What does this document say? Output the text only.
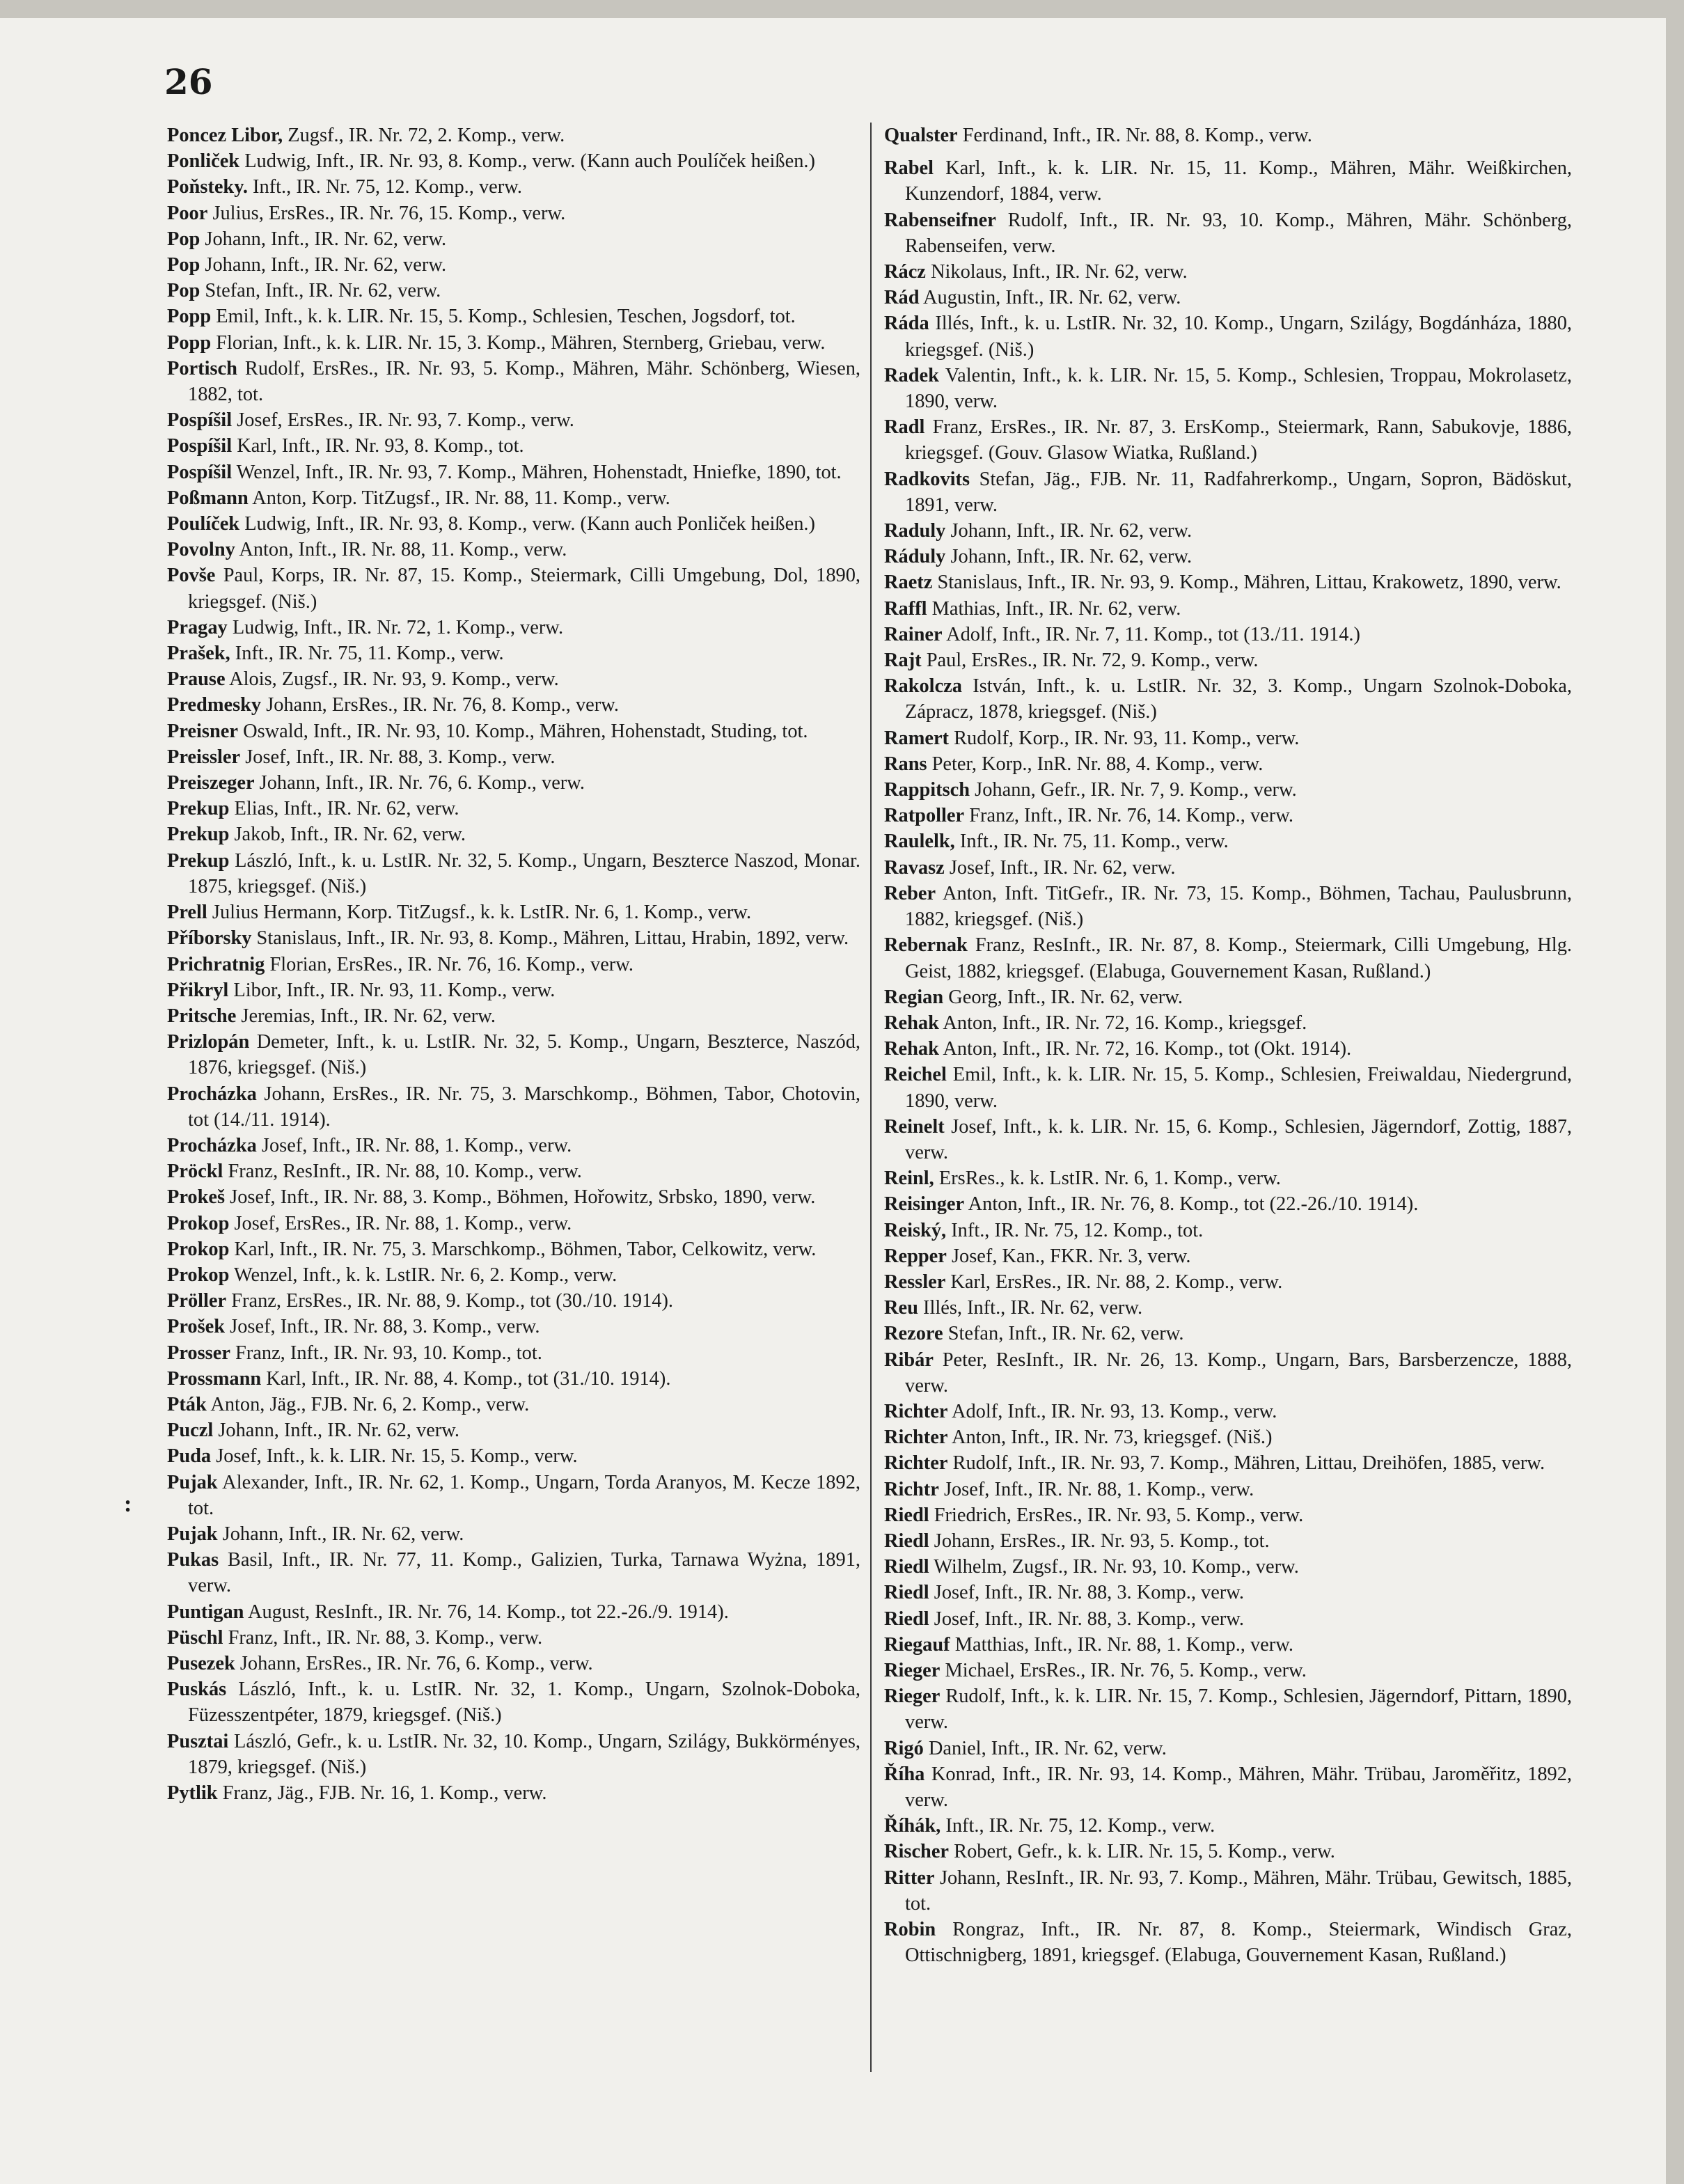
26

Poncez Libor, Zugsf., IR. Nr. 72, 2. Komp., verw.

Ponliček Ludwig, Inft., IR. Nr. 93, 8. Komp., verw. (Kann auch Poulíček heißen.)

Poňsteky. Inft., IR. Nr. 75, 12. Komp., verw.

Poor Julius, ErsRes., IR. Nr. 76, 15. Komp., verw.

Pop Johann, Inft., IR. Nr. 62, verw.

Pop Johann, Inft., IR. Nr. 62, verw.

Pop Stefan, Inft., IR. Nr. 62, verw.

Popp Emil, Inft., k. k. LIR. Nr. 15, 5. Komp., Schlesien, Teschen, Jogsdorf, tot.

Popp Florian, Inft., k. k. LIR. Nr. 15, 3. Komp., Mähren, Sternberg, Griebau, verw.

Portisch Rudolf, ErsRes., IR. Nr. 93, 5. Komp., Mähren, Mähr. Schönberg, Wiesen, 1882, tot.

Pospíšil Josef, ErsRes., IR. Nr. 93, 7. Komp., verw.

Pospíšil Karl, Inft., IR. Nr. 93, 8. Komp., tot.

Pospíšil Wenzel, Inft., IR. Nr. 93, 7. Komp., Mähren, Hohenstadt, Hniefke, 1890, tot.

Poßmann Anton, Korp. TitZugsf., IR. Nr. 88, 11. Komp., verw.

Poulíček Ludwig, Inft., IR. Nr. 93, 8. Komp., verw. (Kann auch Ponliček heißen.)

Povolny Anton, Inft., IR. Nr. 88, 11. Komp., verw.

Povše Paul, Korps, IR. Nr. 87, 15. Komp., Steiermark, Cilli Umgebung, Dol, 1890, kriegsgef. (Niš.)

Pragay Ludwig, Inft., IR. Nr. 72, 1. Komp., verw.

Prašek, Inft., IR. Nr. 75, 11. Komp., verw.

Prause Alois, Zugsf., IR. Nr. 93, 9. Komp., verw.

Predmesky Johann, ErsRes., IR. Nr. 76, 8. Komp., verw.

Preisner Oswald, Inft., IR. Nr. 93, 10. Komp., Mähren, Hohenstadt, Studing, tot.

Preissler Josef, Inft., IR. Nr. 88, 3. Komp., verw.

Preiszeger Johann, Inft., IR. Nr. 76, 6. Komp., verw.

Prekup Elias, Inft., IR. Nr. 62, verw.

Prekup Jakob, Inft., IR. Nr. 62, verw.

Prekup László, Inft., k. u. LstIR. Nr. 32, 5. Komp., Ungarn, Beszterce Naszod, Monar. 1875, kriegsgef. (Niš.)

Prell Julius Hermann, Korp. TitZugsf., k. k. LstIR. Nr. 6, 1. Komp., verw.

Příborsky Stanislaus, Inft., IR. Nr. 93, 8. Komp., Mähren, Littau, Hrabin, 1892, verw.

Prichratnig Florian, ErsRes., IR. Nr. 76, 16. Komp., verw.

Přikryl Libor, Inft., IR. Nr. 93, 11. Komp., verw.

Pritsche Jeremias, Inft., IR. Nr. 62, verw.

Prizlopán Demeter, Inft., k. u. LstIR. Nr. 32, 5. Komp., Ungarn, Beszterce, Naszód, 1876, kriegsgef. (Niš.)

Procházka Johann, ErsRes., IR. Nr. 75, 3. Marschkomp., Böhmen, Tabor, Chotovin, tot (14./11. 1914).

Procházka Josef, Inft., IR. Nr. 88, 1. Komp., verw.

Pröckl Franz, ResInft., IR. Nr. 88, 10. Komp., verw.

Prokeš Josef, Inft., IR. Nr. 88, 3. Komp., Böhmen, Hořowitz, Srbsko, 1890, verw.

Prokop Josef, ErsRes., IR. Nr. 88, 1. Komp., verw.

Prokop Karl, Inft., IR. Nr. 75, 3. Marschkomp., Böhmen, Tabor, Celkowitz, verw.

Prokop Wenzel, Inft., k. k. LstIR. Nr. 6, 2. Komp., verw.

Pröller Franz, ErsRes., IR. Nr. 88, 9. Komp., tot (30./10. 1914).

Prošek Josef, Inft., IR. Nr. 88, 3. Komp., verw.

Prosser Franz, Inft., IR. Nr. 93, 10. Komp., tot.

Prossmann Karl, Inft., IR. Nr. 88, 4. Komp., tot (31./10. 1914).

Pták Anton, Jäg., FJB. Nr. 6, 2. Komp., verw.

Puczl Johann, Inft., IR. Nr. 62, verw.

Puda Josef, Inft., k. k. LIR. Nr. 15, 5. Komp., verw.

Pujak Alexander, Inft., IR. Nr. 62, 1. Komp., Ungarn, Torda Aranyos, M. Kecze 1892, tot.

Pujak Johann, Inft., IR. Nr. 62, verw.

Pukas Basil, Inft., IR. Nr. 77, 11. Komp., Galizien, Turka, Tarnawa Wyżna, 1891, verw.

Puntigan August, ResInft., IR. Nr. 76, 14. Komp., tot 22.-26./9. 1914).

Püschl Franz, Inft., IR. Nr. 88, 3. Komp., verw.

Pusezek Johann, ErsRes., IR. Nr. 76, 6. Komp., verw.

Puskás László, Inft., k. u. LstIR. Nr. 32, 1. Komp., Ungarn, Szolnok-Doboka, Füzesszentpéter, 1879, kriegsgef. (Niš.)

Pusztai László, Gefr., k. u. LstIR. Nr. 32, 10. Komp., Ungarn, Szilágy, Bukkörményes, 1879, kriegsgef. (Niš.)

Pytlik Franz, Jäg., FJB. Nr. 16, 1. Komp., verw.

Qualster Ferdinand, Inft., IR. Nr. 88, 8. Komp., verw.

Rabel Karl, Inft., k. k. LIR. Nr. 15, 11. Komp., Mähren, Mähr. Weißkirchen, Kunzendorf, 1884, verw.

Rabenseifner Rudolf, Inft., IR. Nr. 93, 10. Komp., Mähren, Mähr. Schönberg, Rabenseifen, verw.

Rácz Nikolaus, Inft., IR. Nr. 62, verw.

Rád Augustin, Inft., IR. Nr. 62, verw.

Ráda Illés, Inft., k. u. LstIR. Nr. 32, 10. Komp., Ungarn, Szilágy, Bogdánháza, 1880, kriegsgef. (Niš.)

Radek Valentin, Inft., k. k. LIR. Nr. 15, 5. Komp., Schlesien, Troppau, Mokrolasetz, 1890, verw.

Radl Franz, ErsRes., IR. Nr. 87, 3. ErsKomp., Steiermark, Rann, Sabukovje, 1886, kriegsgef. (Gouv. Glasow Wiatka, Rußland.)

Radkovits Stefan, Jäg., FJB. Nr. 11, Radfahrerkomp., Ungarn, Sopron, Bädöskut, 1891, verw.

Raduly Johann, Inft., IR. Nr. 62, verw.

Ráduly Johann, Inft., IR. Nr. 62, verw.

Raetz Stanislaus, Inft., IR. Nr. 93, 9. Komp., Mähren, Littau, Krakowetz, 1890, verw.

Raffl Mathias, Inft., IR. Nr. 62, verw.

Rainer Adolf, Inft., IR. Nr. 7, 11. Komp., tot (13./11. 1914.)

Rajt Paul, ErsRes., IR. Nr. 72, 9. Komp., verw.

Rakolcza István, Inft., k. u. LstIR. Nr. 32, 3. Komp., Ungarn Szolnok-Doboka, Zápracz, 1878, kriegsgef. (Niš.)

Ramert Rudolf, Korp., IR. Nr. 93, 11. Komp., verw.

Rans Peter, Korp., InR. Nr. 88, 4. Komp., verw.

Rappitsch Johann, Gefr., IR. Nr. 7, 9. Komp., verw.

Ratpoller Franz, Inft., IR. Nr. 76, 14. Komp., verw.

Raulelk, Inft., IR. Nr. 75, 11. Komp., verw.

Ravasz Josef, Inft., IR. Nr. 62, verw.

Reber Anton, Inft. TitGefr., IR. Nr. 73, 15. Komp., Böhmen, Tachau, Paulusbrunn, 1882, kriegsgef. (Niš.)

Rebernak Franz, ResInft., IR. Nr. 87, 8. Komp., Steiermark, Cilli Umgebung, Hlg. Geist, 1882, kriegsgef. (Elabuga, Gouvernement Kasan, Rußland.)

Regian Georg, Inft., IR. Nr. 62, verw.

Rehak Anton, Inft., IR. Nr. 72, 16. Komp., kriegsgef.

Rehak Anton, Inft., IR. Nr. 72, 16. Komp., tot (Okt. 1914).

Reichel Emil, Inft., k. k. LIR. Nr. 15, 5. Komp., Schlesien, Freiwaldau, Niedergrund, 1890, verw.

Reinelt Josef, Inft., k. k. LIR. Nr. 15, 6. Komp., Schlesien, Jägerndorf, Zottig, 1887, verw.

Reinl, ErsRes., k. k. LstIR. Nr. 6, 1. Komp., verw.

Reisinger Anton, Inft., IR. Nr. 76, 8. Komp., tot (22.-26./10. 1914).

Reiský, Inft., IR. Nr. 75, 12. Komp., tot.

Repper Josef, Kan., FKR. Nr. 3, verw.

Ressler Karl, ErsRes., IR. Nr. 88, 2. Komp., verw.

Reu Illés, Inft., IR. Nr. 62, verw.

Rezore Stefan, Inft., IR. Nr. 62, verw.

Ribár Peter, ResInft., IR. Nr. 26, 13. Komp., Ungarn, Bars, Barsberzencze, 1888, verw.

Richter Adolf, Inft., IR. Nr. 93, 13. Komp., verw.

Richter Anton, Inft., IR. Nr. 73, kriegsgef. (Niš.)

Richter Rudolf, Inft., IR. Nr. 93, 7. Komp., Mähren, Littau, Dreihöfen, 1885, verw.

Richtr Josef, Inft., IR. Nr. 88, 1. Komp., verw.

Riedl Friedrich, ErsRes., IR. Nr. 93, 5. Komp., verw.

Riedl Johann, ErsRes., IR. Nr. 93, 5. Komp., tot.

Riedl Wilhelm, Zugsf., IR. Nr. 93, 10. Komp., verw.

Riedl Josef, Inft., IR. Nr. 88, 3. Komp., verw.

Riedl Josef, Inft., IR. Nr. 88, 3. Komp., verw.

Riegauf Matthias, Inft., IR. Nr. 88, 1. Komp., verw.

Rieger Michael, ErsRes., IR. Nr. 76, 5. Komp., verw.

Rieger Rudolf, Inft., k. k. LIR. Nr. 15, 7. Komp., Schlesien, Jägerndorf, Pittarn, 1890, verw.

Rigó Daniel, Inft., IR. Nr. 62, verw.

Říha Konrad, Inft., IR. Nr. 93, 14. Komp., Mähren, Mähr. Trübau, Jaroměřitz, 1892, verw.

Říhák, Inft., IR. Nr. 75, 12. Komp., verw.

Rischer Robert, Gefr., k. k. LIR. Nr. 15, 5. Komp., verw.

Ritter Johann, ResInft., IR. Nr. 93, 7. Komp., Mähren, Mähr. Trübau, Gewitsch, 1885, tot.

Robin Rongraz, Inft., IR. Nr. 87, 8. Komp., Steiermark, Windisch Graz, Ottischnigberg, 1891, kriegsgef. (Elabuga, Gouvernement Kasan, Rußland.)

:
